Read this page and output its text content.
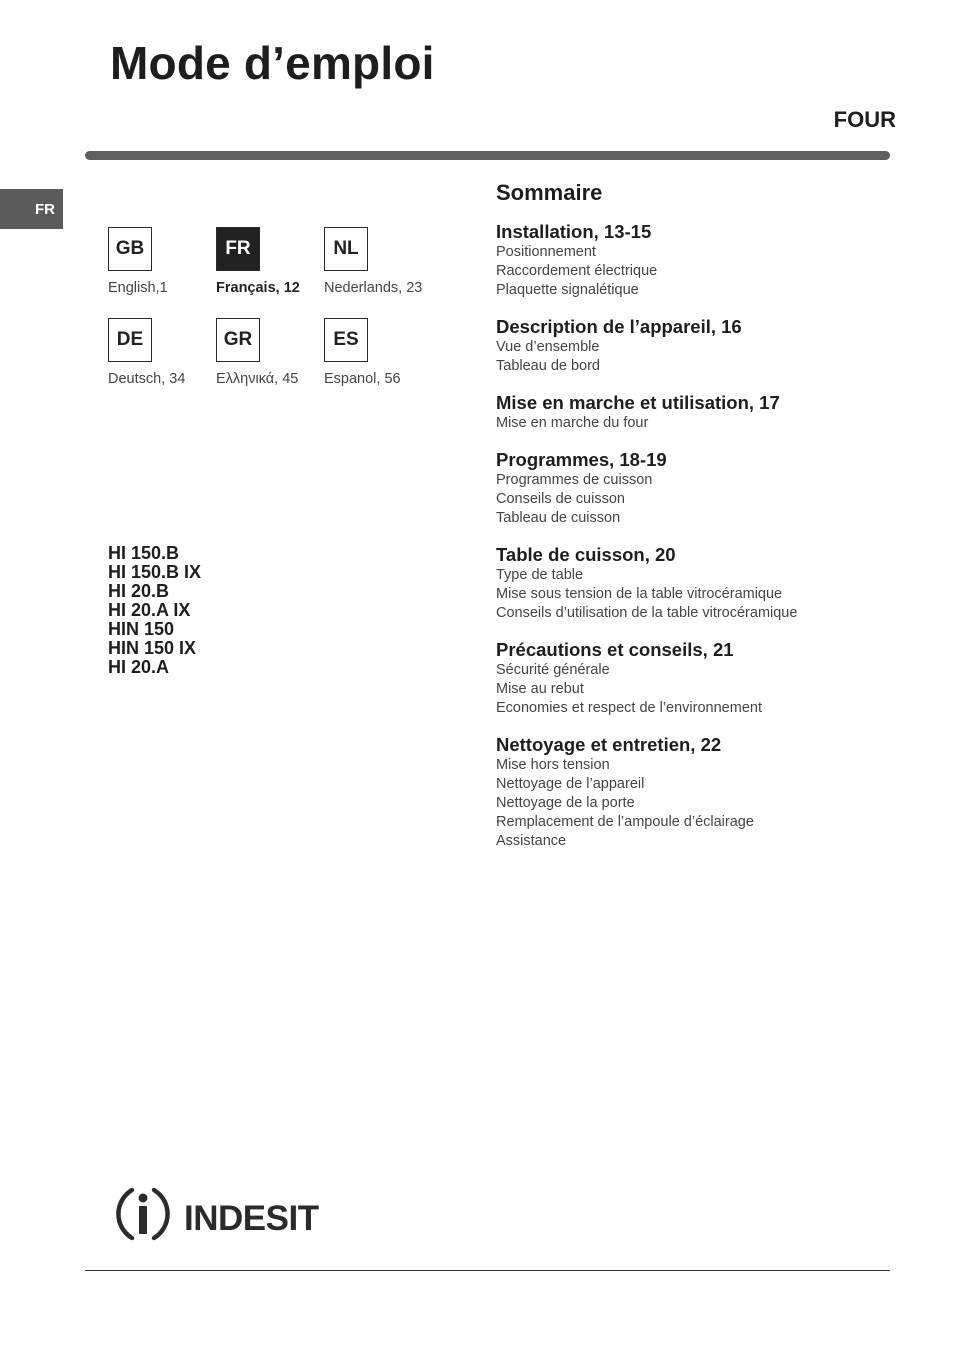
Mode d’emploi
FOUR
FR
GB
English,1
FR
Français, 12
NL
Nederlands, 23
DE
Deutsch, 34
GR
Ελληνικά, 45
ES
Espanol, 56
HI 150.B
HI 150.B IX
HI 20.B
HI 20.A IX
HIN 150
HIN 150 IX
HI 20.A
Sommaire
Installation, 13-15
Positionnement
Raccordement électrique
Plaquette signalétique
Description de l’appareil, 16
Vue d’ensemble
Tableau de bord
Mise en marche et utilisation, 17
Mise en marche du four
Programmes, 18-19
Programmes de cuisson
Conseils de cuisson
Tableau de cuisson
Table de cuisson, 20
Type de table
Mise sous tension de la table vitrocéramique
Conseils d’utilisation de la table vitrocéramique
Précautions et conseils, 21
Sécurité générale
Mise au rebut
Economies et respect de l’environnement
Nettoyage et entretien, 22
Mise hors tension
Nettoyage de l’appareil
Nettoyage de la porte
Remplacement de l’ampoule d’éclairage
Assistance
INDESIT
